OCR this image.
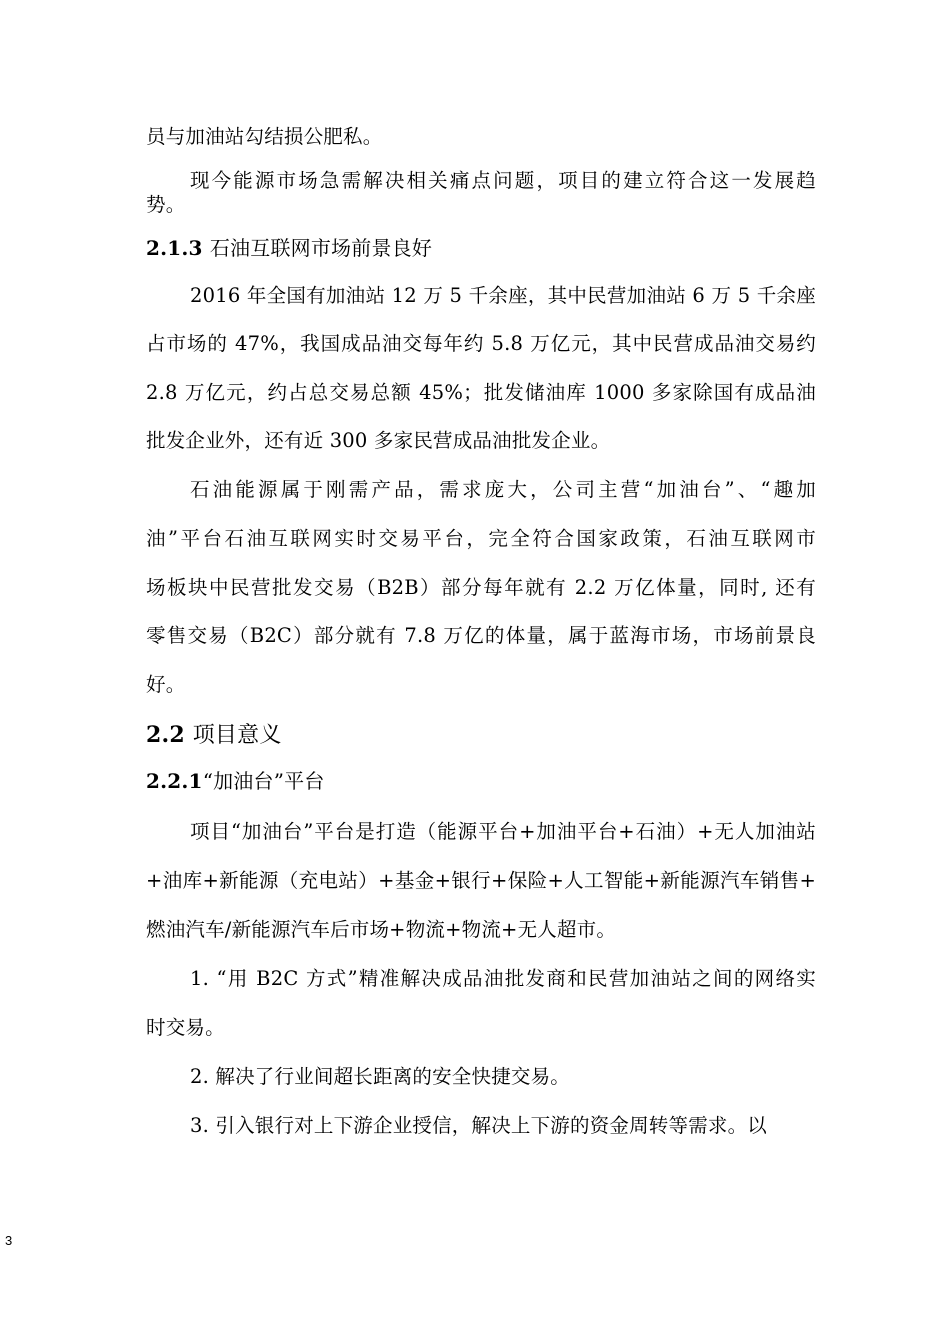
员与加油站勾结损公肥私。
现今能源市场急需解决相关痛点问题，项目的建立符合这一发展趋
势。
2.1.3 石油互联网市场前景良好
2016 年全国有加油站 12 万 5 千余座，其中民营加油站 6 万 5 千余座
占市场的 47%，我国成品油交每年约 5.8 万亿元，其中民营成品油交易约
2.8 万亿元，约占总交易总额 45%；批发储油库 1000 多家除国有成品油
批发企业外，还有近 300 多家民营成品油批发企业。
石油能源属于刚需产品，需求庞大，公司主营“加油台”、“趣加
油”平台石油互联网实时交易平台，完全符合国家政策，石油互联网市
场板块中民营批发交易（B2B）部分每年就有 2.2 万亿体量，同时, 还有
零售交易（B2C）部分就有 7.8 万亿的体量，属于蓝海市场，市场前景良
好。
2.2 项目意义
2.2.1“加油台”平台
项目“加油台”平台是打造（能源平台+加油平台+石油）+无人加油站
+油库+新能源（充电站）+基金+银行+保险+人工智能+新能源汽车销售+
燃油汽车/新能源汽车后市场+物流+物流+无人超市。
1. “用 B2C 方式”精准解决成品油批发商和民营加油站之间的网络实
时交易。
2. 解决了行业间超长距离的安全快捷交易。
3. 引入银行对上下游企业授信，解决上下游的资金周转等需求。以
3
